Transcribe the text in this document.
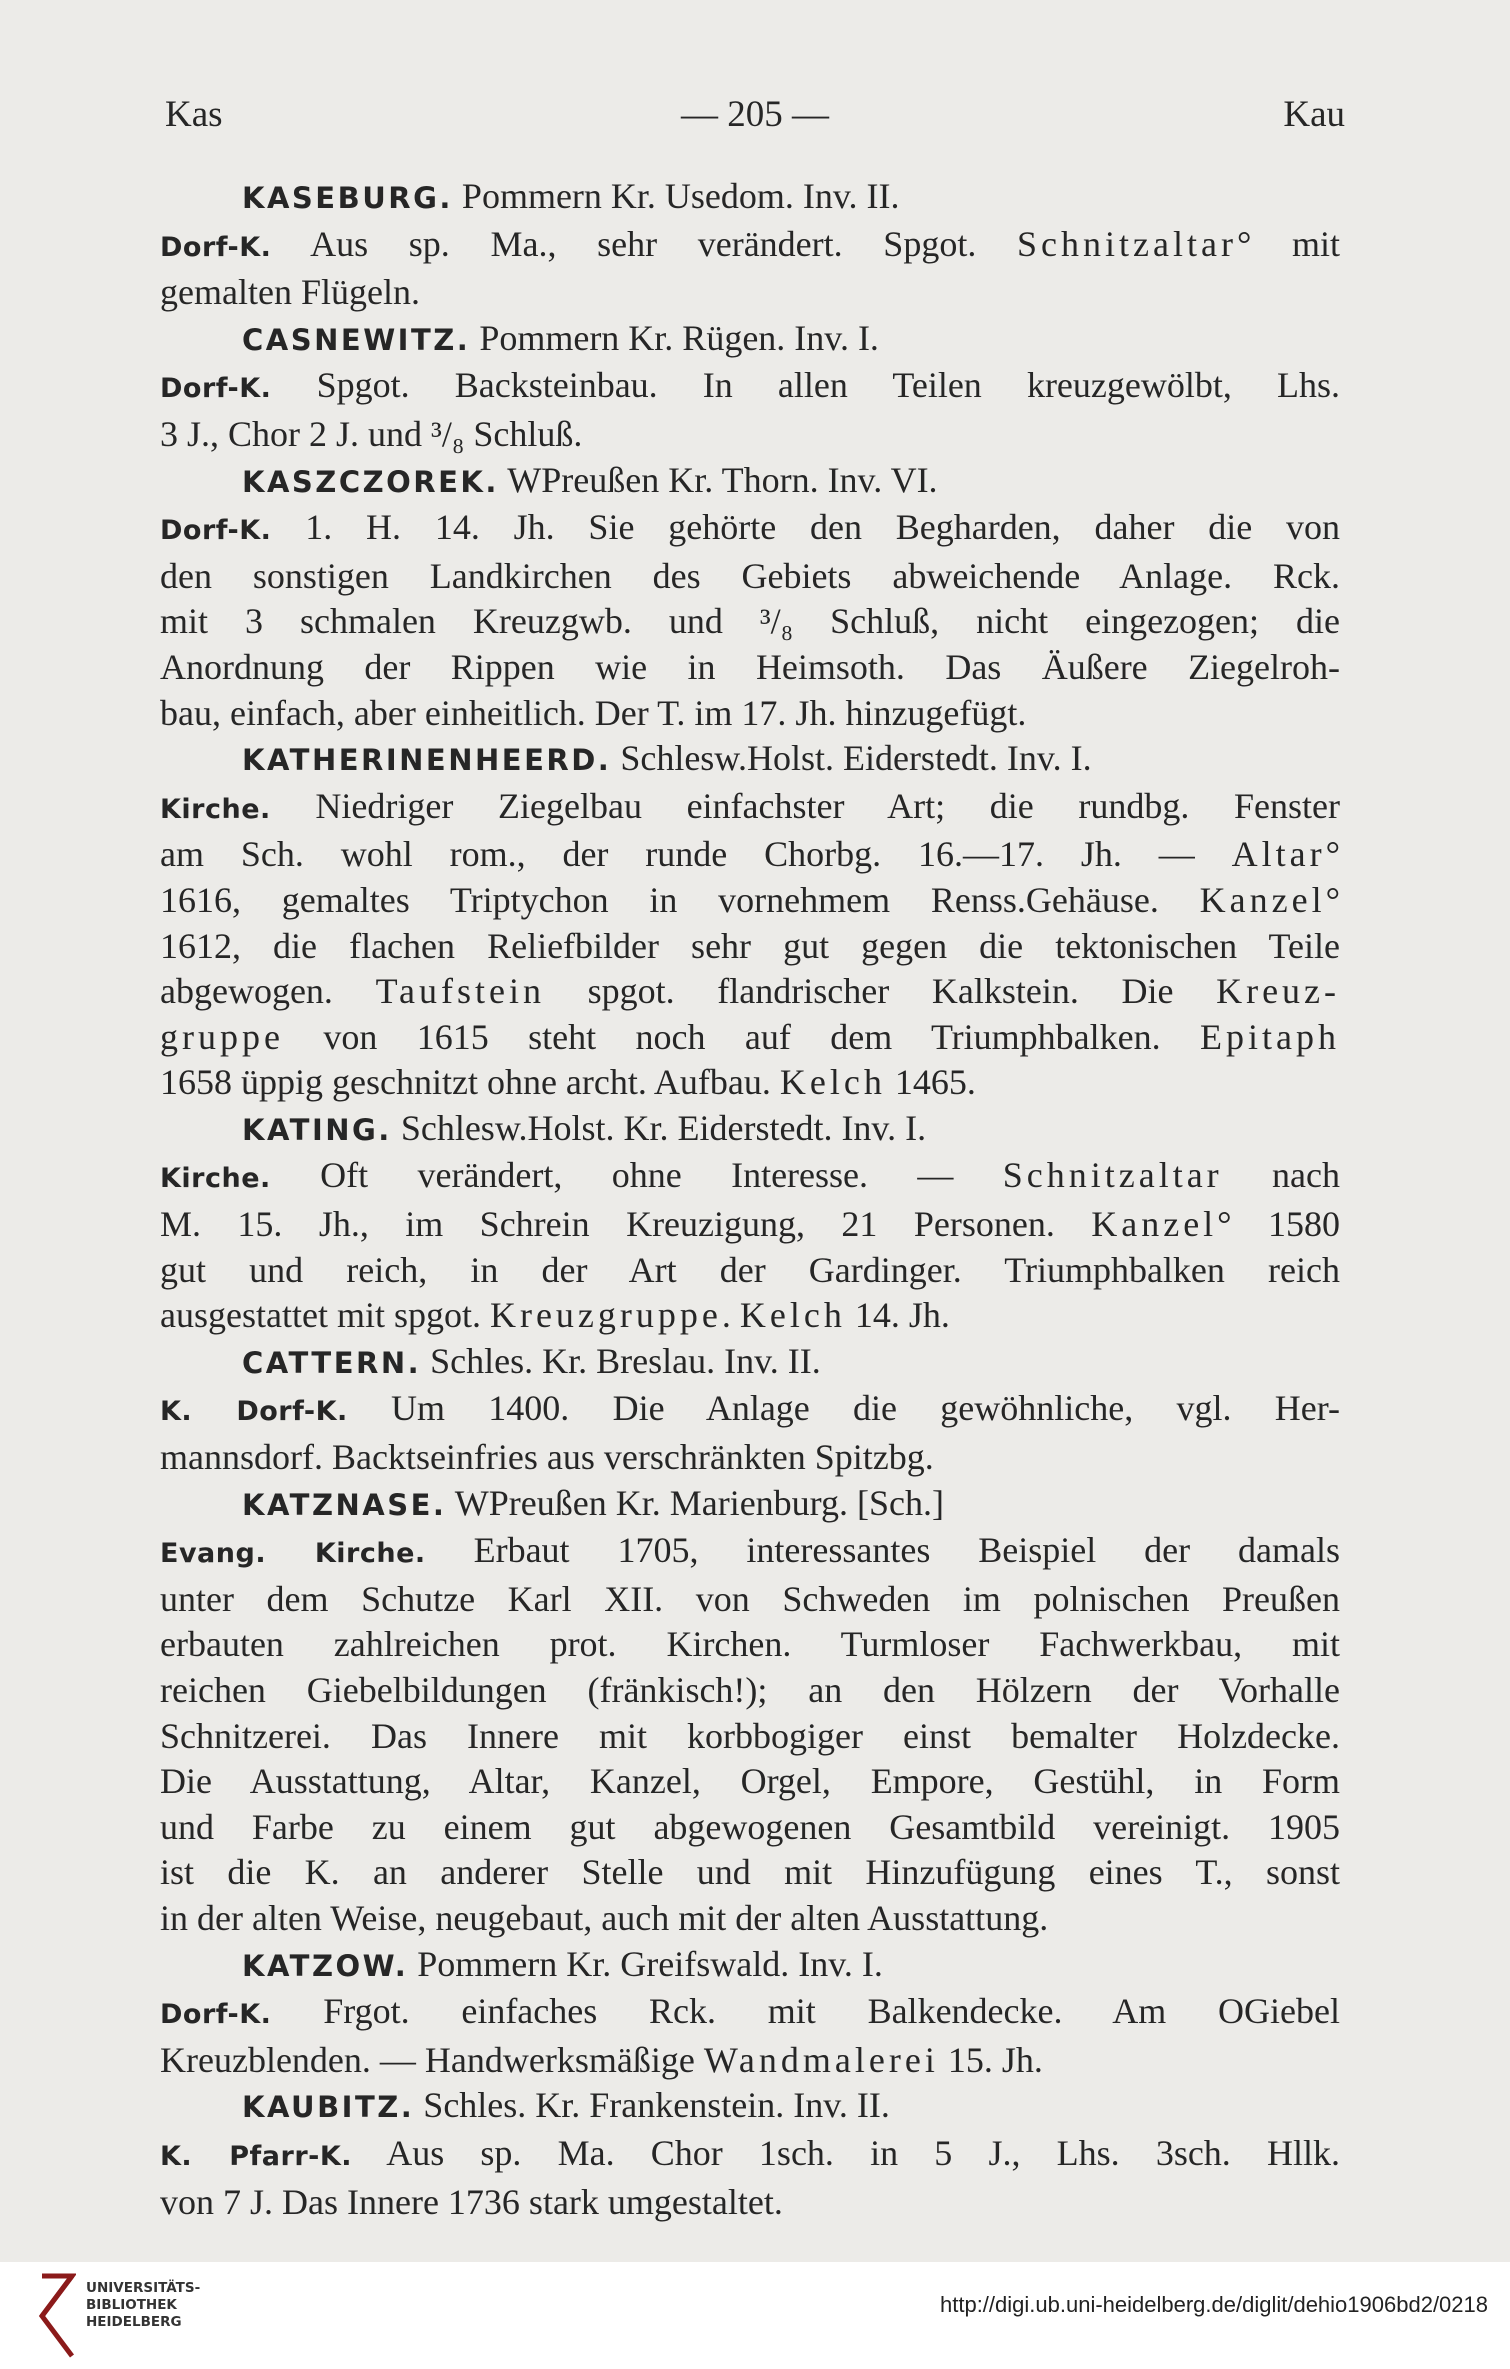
Kas	— 205 —	Kau
KASEBURG. Pommern Kr. Usedom. Inv. II.
Dorf-K. Aus sp. Ma., sehr verändert. Spgot. Schnitzaltar° mit
gemalten Flügeln.
CASNEWITZ. Pommern Kr. Rügen. Inv. I.
Dorf-K. Spgot. Backsteinbau. In allen Teilen kreuzgewölbt, Lhs.
3 J., Chor 2 J. und ³/₈ Schluß.
KASZCZOREK. WPreußen Kr. Thorn. Inv. VI.
Dorf-K. 1. H. 14. Jh. Sie gehörte den Begharden, daher die von
den sonstigen Landkirchen des Gebiets abweichende Anlage. Rck.
mit 3 schmalen Kreuzgwb. und ³/₈ Schluß, nicht eingezogen; die
Anordnung der Rippen wie in Heimsoth. Das Äußere Ziegelroh-
bau, einfach, aber einheitlich. Der T. im 17. Jh. hinzugefügt.
KATHERINENHEERD. Schlesw.Holst. Eiderstedt. Inv. I.
Kirche. Niedriger Ziegelbau einfachster Art; die rundbg. Fenster
am Sch. wohl rom., der runde Chorbg. 16.—17. Jh. — Altar°
1616, gemaltes Triptychon in vornehmem Renss.Gehäuse. Kanzel°
1612, die flachen Reliefbilder sehr gut gegen die tektonischen Teile
abgewogen. Taufstein spgot. flandrischer Kalkstein. Die Kreuz-
gruppe von 1615 steht noch auf dem Triumphbalken. Epitaph
1658 üppig geschnitzt ohne archt. Aufbau. Kelch 1465.
KATING. Schlesw.Holst. Kr. Eiderstedt. Inv. I.
Kirche. Oft verändert, ohne Interesse. — Schnitzaltar nach
M. 15. Jh., im Schrein Kreuzigung, 21 Personen. Kanzel° 1580
gut und reich, in der Art der Gardinger. Triumphbalken reich
ausgestattet mit spgot. Kreuzgruppe. Kelch 14. Jh.
CATTERN. Schles. Kr. Breslau. Inv. II.
K. Dorf-K. Um 1400. Die Anlage die gewöhnliche, vgl. Her-
mannsdorf. Backtseinfries aus verschränkten Spitzbg.
KATZNASE. WPreußen Kr. Marienburg. [Sch.]
Evang. Kirche. Erbaut 1705, interessantes Beispiel der damals
unter dem Schutze Karl XII. von Schweden im polnischen Preußen
erbauten zahlreichen prot. Kirchen. Turmloser Fachwerkbau, mit
reichen Giebelbildungen (fränkisch!); an den Hölzern der Vorhalle
Schnitzerei. Das Innere mit korbbogiger einst bemalter Holzdecke.
Die Ausstattung, Altar, Kanzel, Orgel, Empore, Gestühl, in Form
und Farbe zu einem gut abgewogenen Gesamtbild vereinigt. 1905
ist die K. an anderer Stelle und mit Hinzufügung eines T., sonst
in der alten Weise, neugebaut, auch mit der alten Ausstattung.
KATZOW. Pommern Kr. Greifswald. Inv. I.
Dorf-K. Frgot. einfaches Rck. mit Balkendecke. Am OGiebel
Kreuzblenden. — Handwerksmäßige Wandmalerei 15. Jh.
KAUBITZ. Schles. Kr. Frankenstein. Inv. II.
K. Pfarr-K. Aus sp. Ma. Chor 1sch. in 5 J., Lhs. 3sch. Hllk.
von 7 J. Das Innere 1736 stark umgestaltet.
UNIVERSITÄTS-
BIBLIOTHEK
HEIDELBERG
http://digi.ub.uni-heidelberg.de/diglit/dehio1906bd2/0218
